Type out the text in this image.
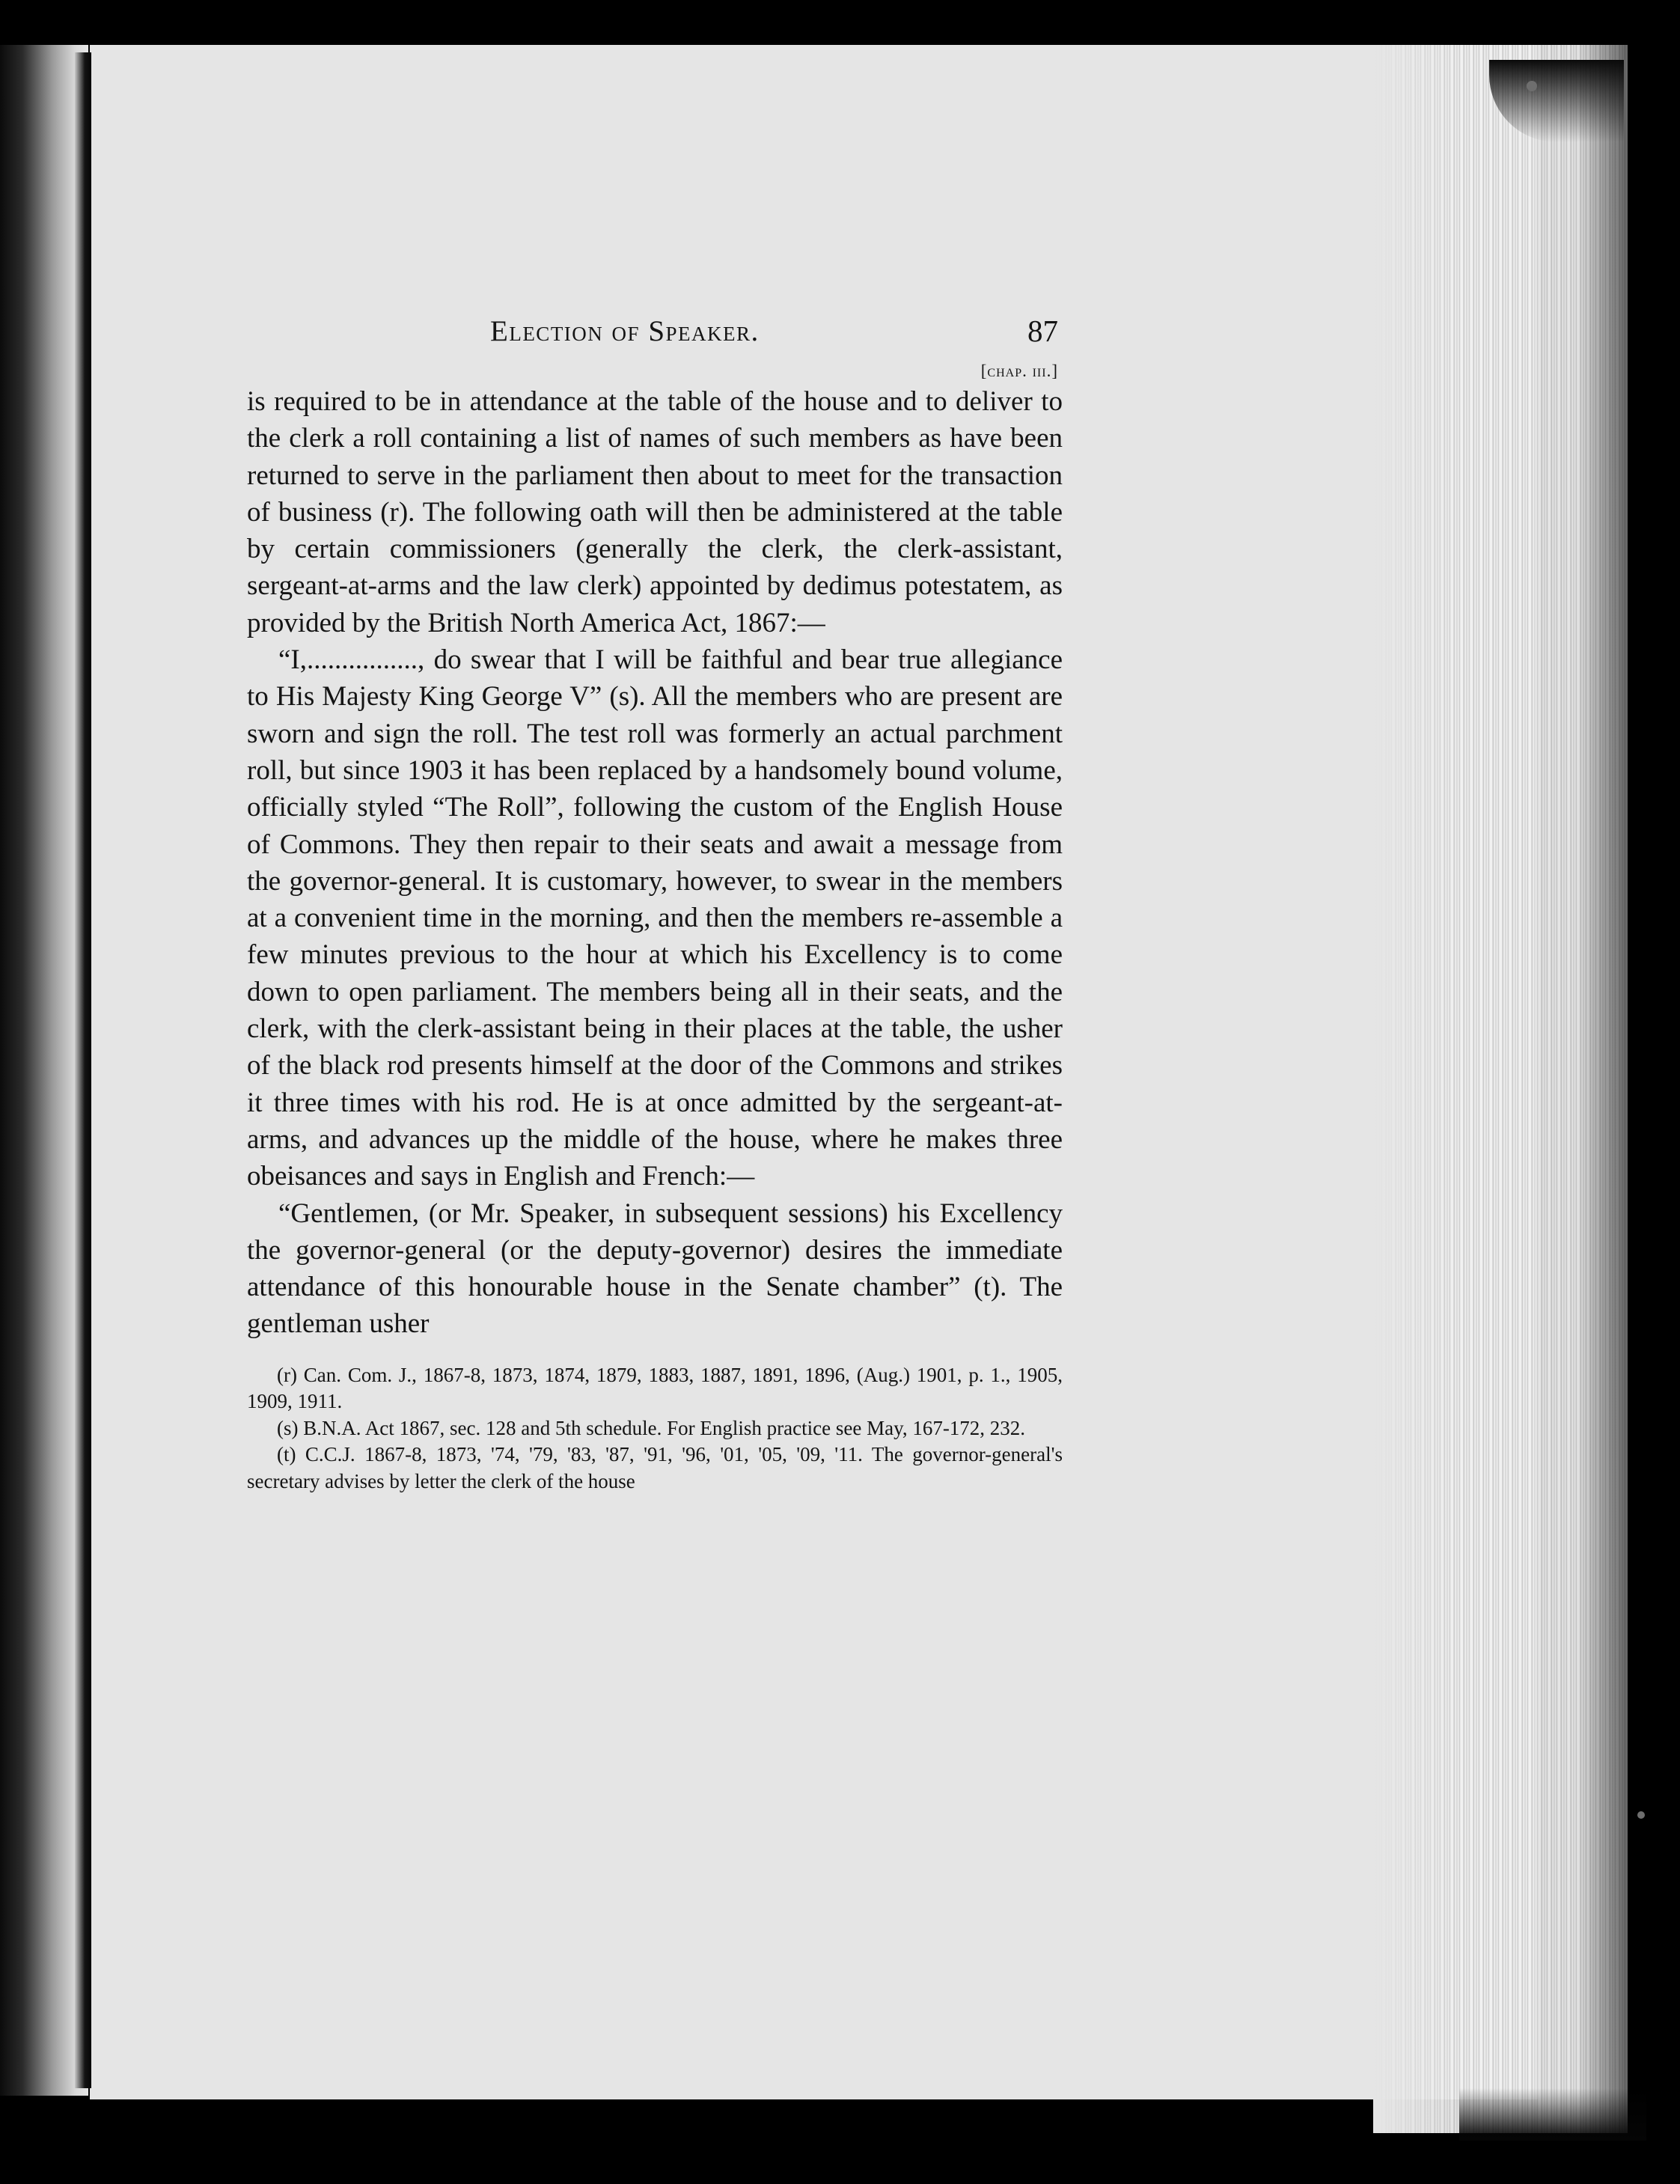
Election of Speaker.	87
[chap. iii.]

is required to be in attendance at the table of the house and to deliver to the clerk a roll containing a list of names of such members as have been returned to serve in the parliament then about to meet for the transaction of business (r). The following oath will then be administered at the table by certain commissioners (generally the clerk, the clerk-assistant, sergeant-at-arms and the law clerk) appointed by dedimus potestatem, as provided by the British North America Act, 1867:—

“I,................, do swear that I will be faithful and bear true allegiance to His Majesty King George V” (s). All the members who are present are sworn and sign the roll. The test roll was formerly an actual parchment roll, but since 1903 it has been replaced by a handsomely bound volume, officially styled “The Roll”, following the custom of the English House of Commons. They then repair to their seats and await a message from the governor-general. It is customary, however, to swear in the members at a convenient time in the morning, and then the members re-assemble a few minutes previous to the hour at which his Excellency is to come down to open parliament. The members being all in their seats, and the clerk, with the clerk-assistant being in their places at the table, the usher of the black rod presents himself at the door of the Commons and strikes it three times with his rod. He is at once admitted by the sergeant-at-arms, and advances up the middle of the house, where he makes three obeisances and says in English and French:—

“Gentlemen, (or Mr. Speaker, in subsequent sessions) his Excellency the governor-general (or the deputy-governor) desires the immediate attendance of this honourable house in the Senate chamber” (t). The gentleman usher

(r) Can. Com. J., 1867-8, 1873, 1874, 1879, 1883, 1887, 1891, 1896, (Aug.) 1901, p. 1., 1905, 1909, 1911.

(s) B.N.A. Act 1867, sec. 128 and 5th schedule. For English practice see May, 167-172, 232.

(t) C.C.J. 1867-8, 1873, '74, '79, '83, '87, '91, '96, '01, '05, '09, '11. The governor-general's secretary advises by letter the clerk of the house
